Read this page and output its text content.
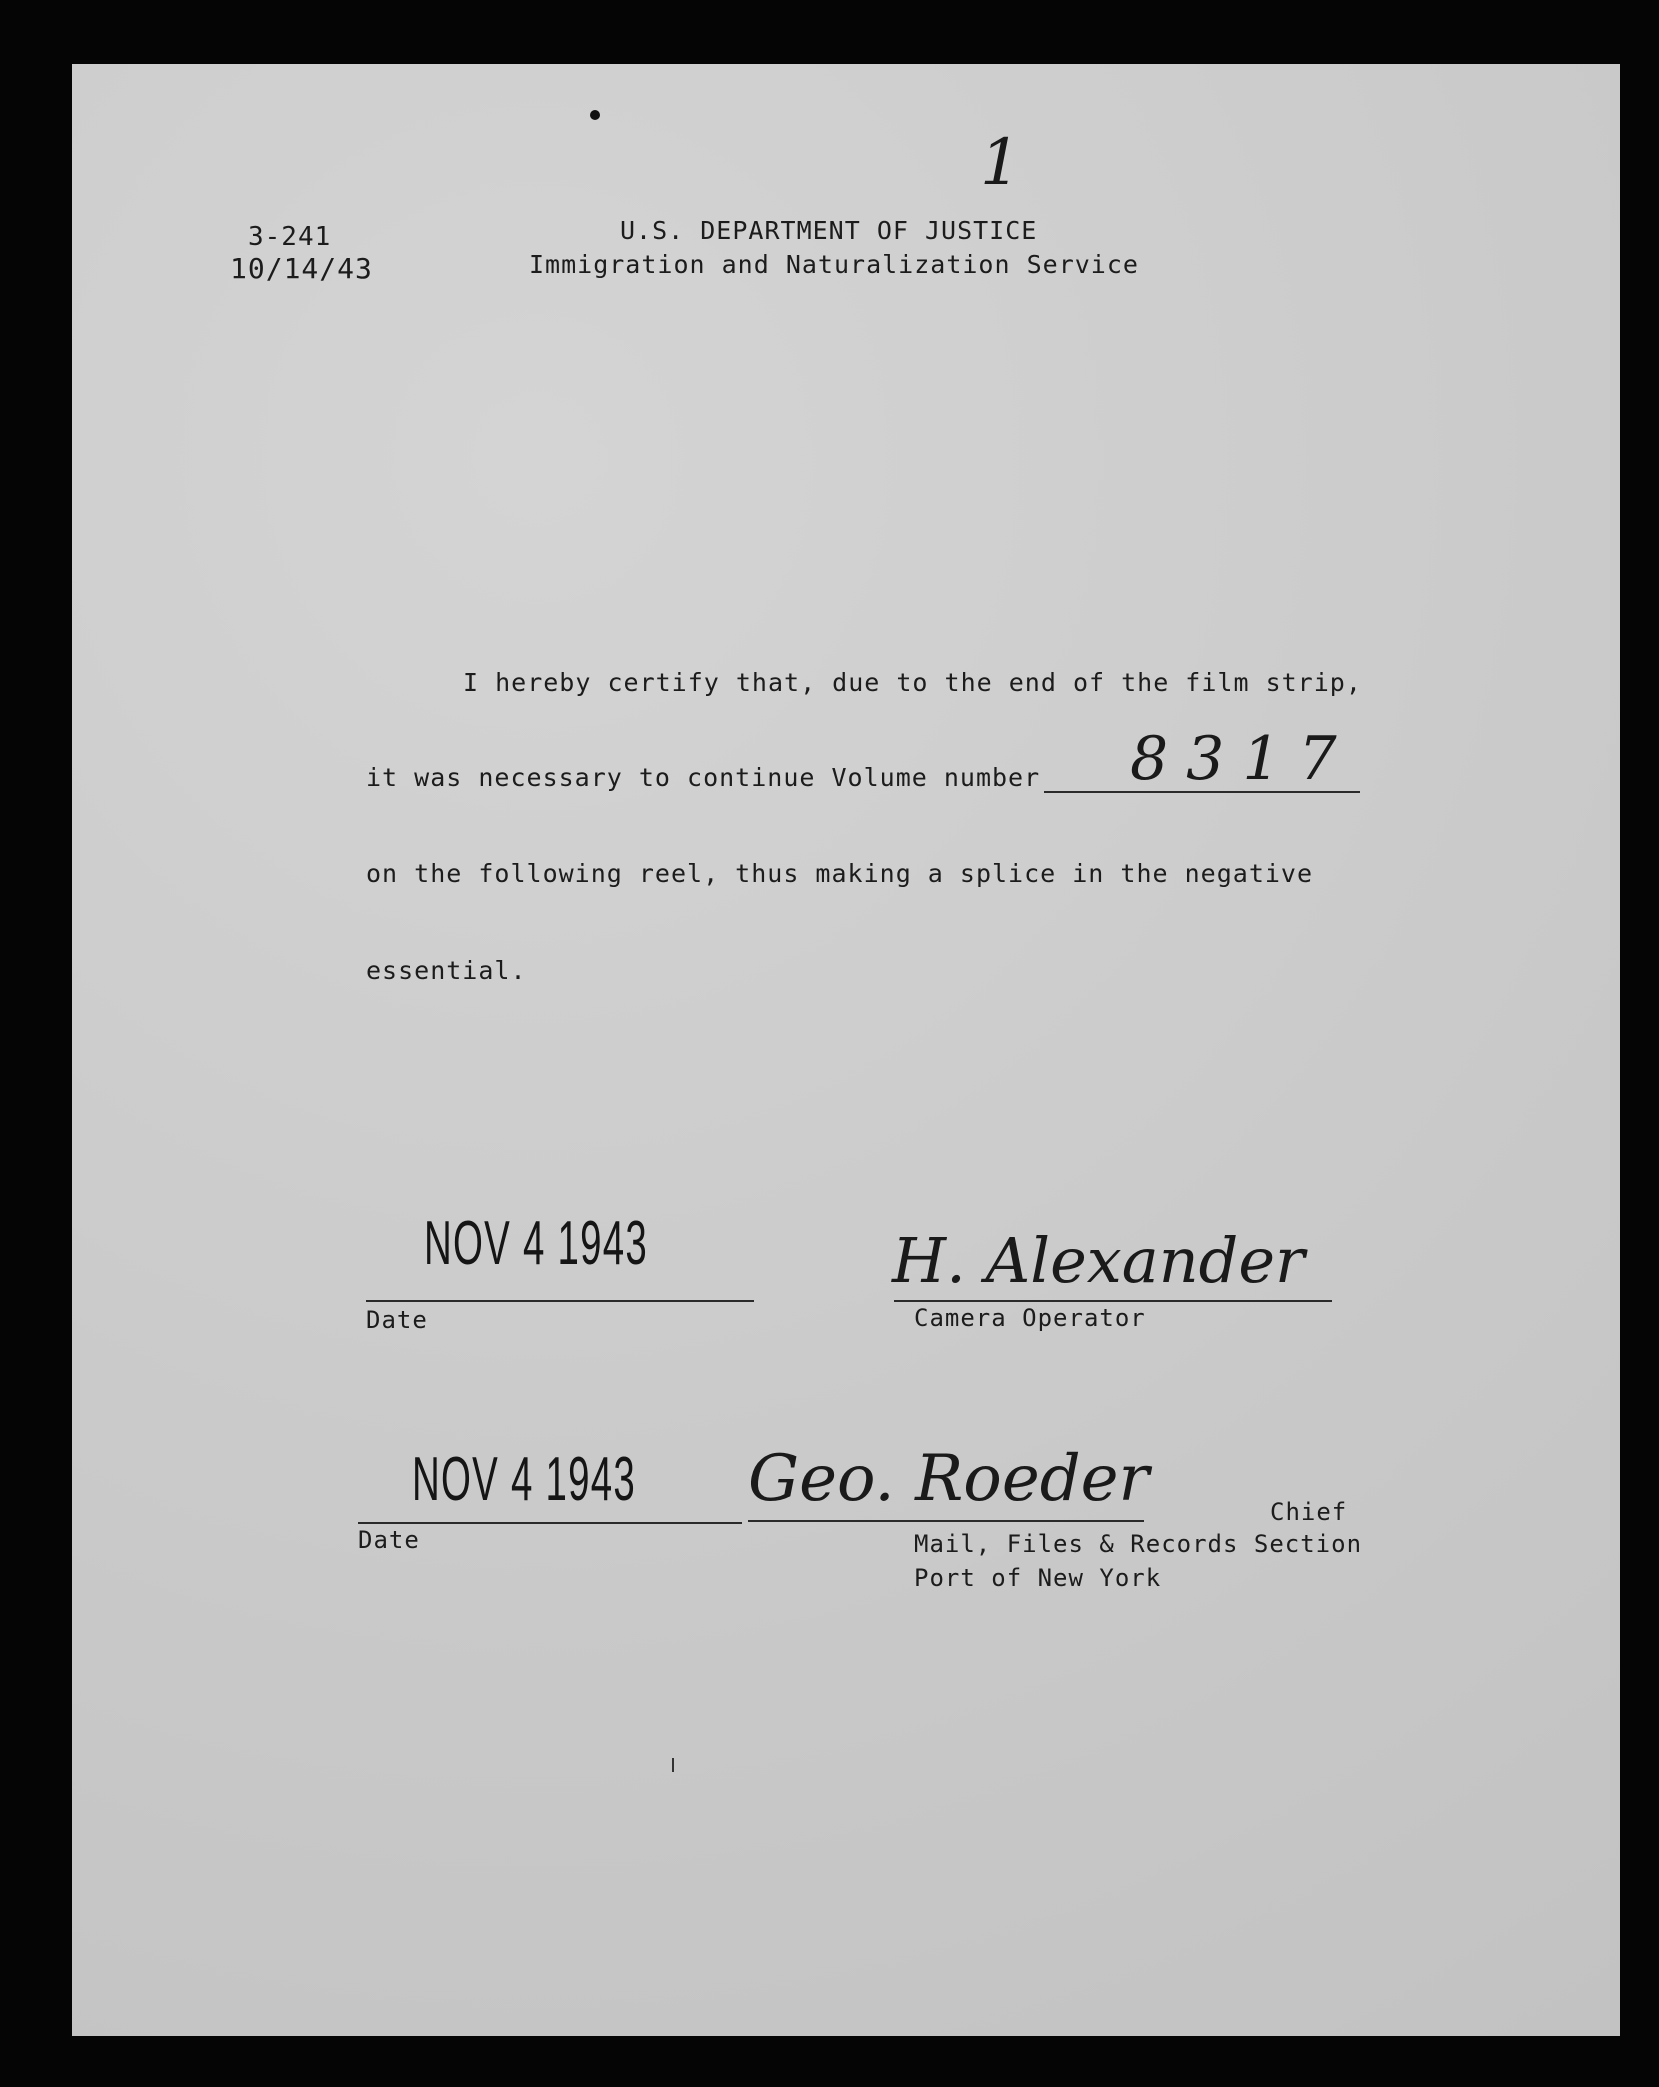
1
3-241
10/14/43
U.S. DEPARTMENT OF JUSTICE
Immigration and Naturalization Service
I hereby certify that, due to the end of the film strip,
it was necessary to continue Volume number 8317
on the following reel, thus making a splice in the negative
essential.
NOV 4 1943
Date
H. Alexander
Camera Operator
NOV 4 1943
Date
Geo. Roeder	Chief
Mail, Files & Records Section
Port of New York
